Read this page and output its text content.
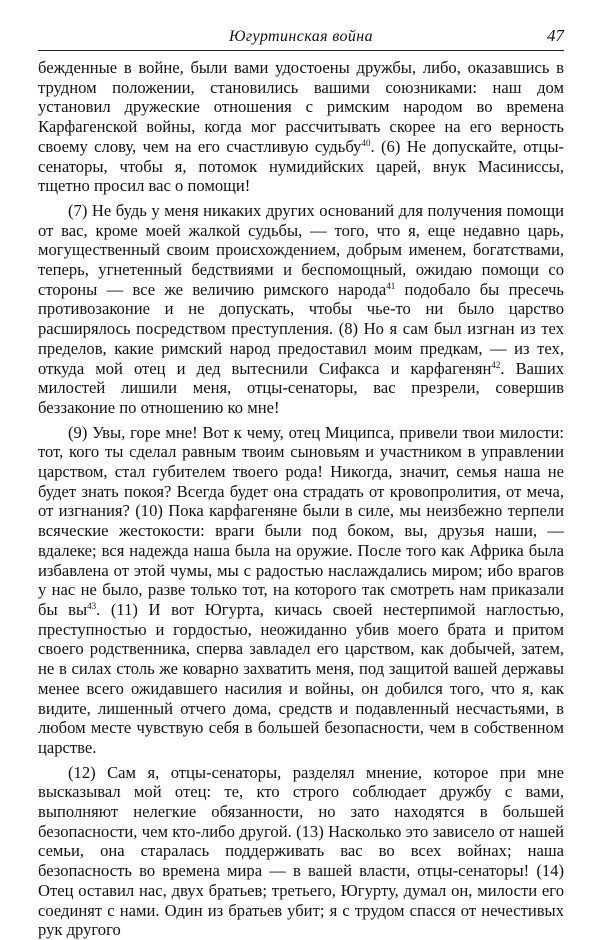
Югуртинская война	47

бежденные в войне, были вами удостоены дружбы, либо, оказавшись в трудном положении, становились вашими союзниками: наш дом установил дружеские отношения с римским народом во времена Карфагенской войны, когда мог рассчитывать скорее на его верность своему слову, чем на его счастливую судьбу$^{40}$. (6) Не допускайте, отцы-сенаторы, чтобы я, потомок нумидийских царей, внук Масиниссы, тщетно просил вас о помощи!

(7) Не будь у меня никаких других оснований для получения помощи от вас, кроме моей жалкой судьбы, — того, что я, еще недавно царь, могущественный своим происхождением, добрым именем, богатствами, теперь, угнетенный бедствиями и беспомощный, ожидаю помощи со стороны — все же величию римского народа$^{41}$ подобало бы пресечь противозаконие и не допускать, чтобы чье-то ни было царство расширялось посредством преступления. (8) Но я сам был изгнан из тех пределов, какие римский народ предоставил моим предкам, — из тех, откуда мой отец и дед вытеснили Сифакса и карфагенян$^{42}$. Ваших милостей лишили меня, отцы-сенаторы, вас презрели, совершив беззаконие по отношению ко мне!

(9) Увы, горе мне! Вот к чему, отец Миципса, привели твои милости: тот, кого ты сделал равным твоим сыновьям и участником в управлении царством, стал губителем твоего рода! Никогда, значит, семья наша не будет знать покоя? Всегда будет она страдать от кровопролития, от меча, от изгнания? (10) Пока карфагеняне были в силе, мы неизбежно терпели всяческие жестокости: враги были под боком, вы, друзья наши, — вдалеке; вся надежда наша была на оружие. После того как Африка была избавлена от этой чумы, мы с радостью наслаждались миром; ибо врагов у нас не было, разве только тот, на которого так смотреть нам приказали бы $вы^{43}$. (11) И вот Югурта, кичась своей нестерпимой наглостью, преступностью и гордостью, неожиданно убив моего брата и притом своего родственника, сперва завладел его царством, как добычей, затем, не в силах столь же коварно захватить меня, под защитой вашей державы менее всего ожидавшего насилия и войны, он добился того, что я, как видите, лишенный отчего дома, средств и подавленный несчастьями, в любом месте чувствую себя в большей безопасности, чем в собственном царстве.

(12) Сам я, отцы-сенаторы, разделял мнение, которое при мне высказывал мой отец: те, кто строго соблюдает дружбу с вами, выполняют нелегкие обязанности, но зато находятся в большей безопасности, чем кто-либо другой. (13) Насколько это зависело от нашей семьи, она старалась поддерживать вас во всех войнах; наша безопасность во времена мира — в вашей власти, отцы-сенаторы! (14) Отец оставил нас, двух братьев; третьего, Югурту, думал он, милости его соединят с нами. Один из братьев убит; я с трудом спасся от нечестивых рук другого
